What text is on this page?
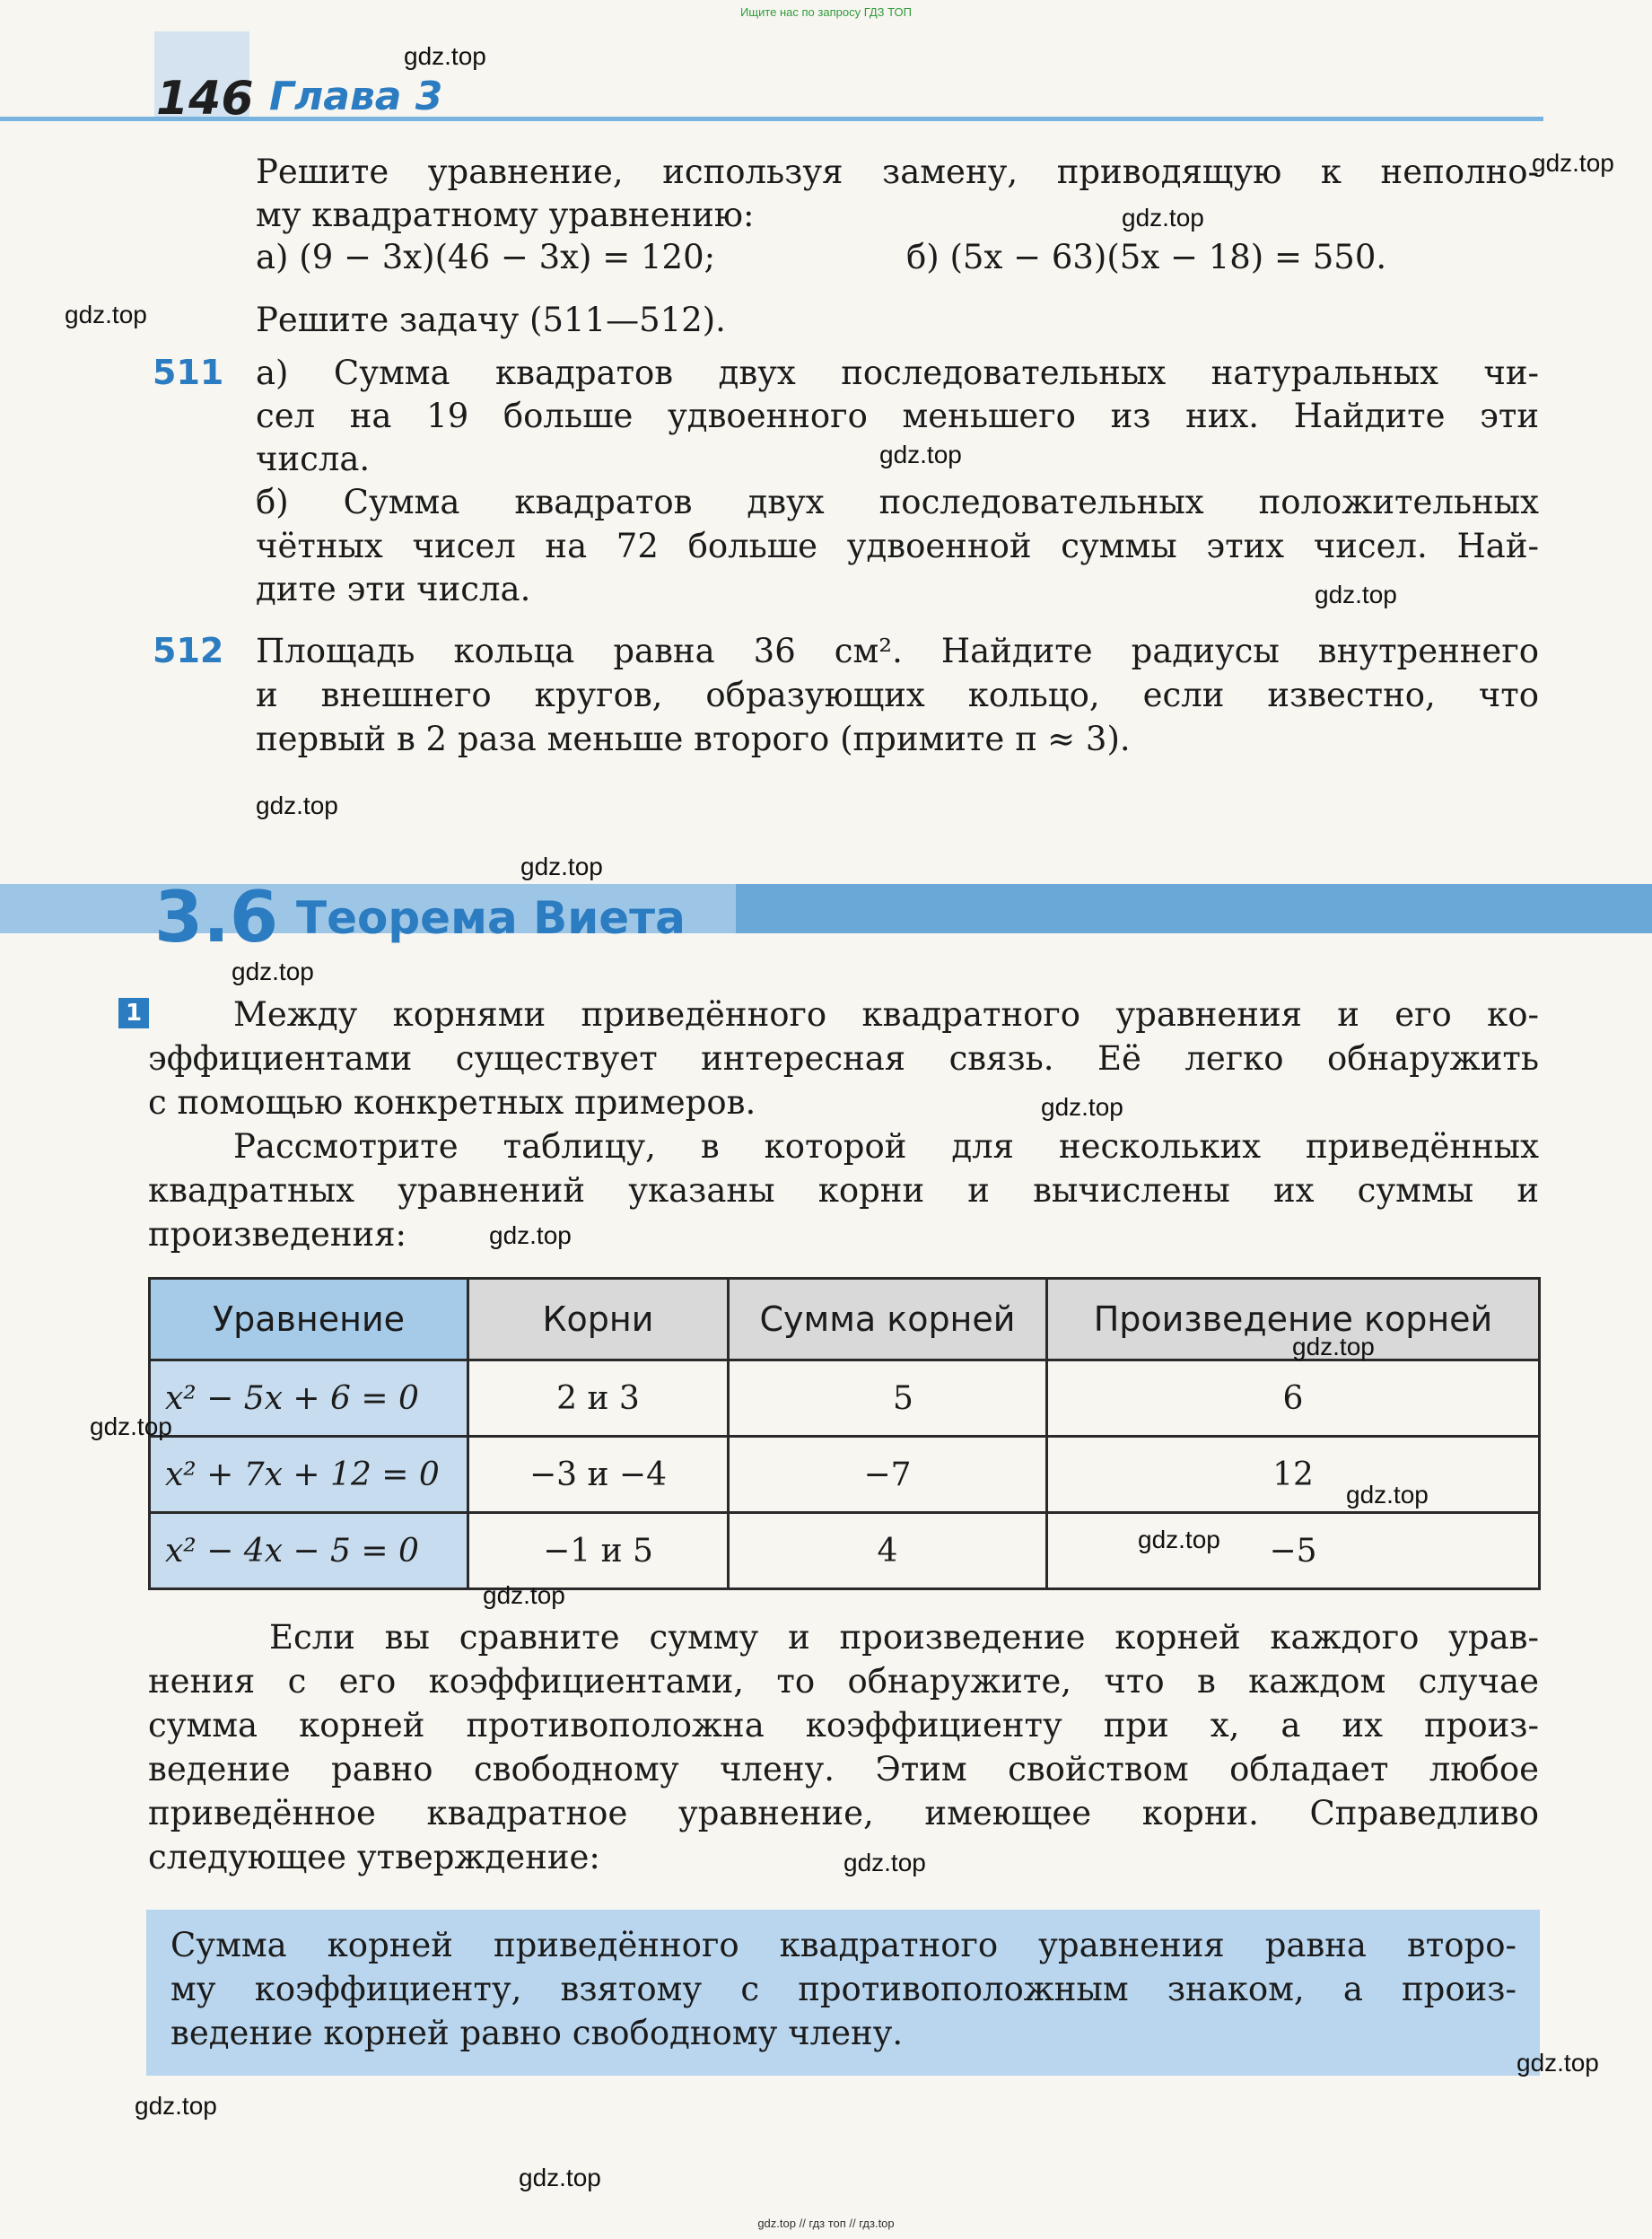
Ищите нас по запросу ГДЗ ТОП
gdz.top // гдз топ // гдз.top
146 Глава 3
Решите уравнение, используя замену, приводящую к неполно-
му квадратному уравнению:
а) (9 − 3x)(46 − 3x) = 120;	б) (5x − 63)(5x − 18) = 550.
Решите задачу (511—512).
511 а) Сумма квадратов двух последовательных натуральных чи-
сел на 19 больше удвоенного меньшего из них. Найдите эти
числа.
б) Сумма квадратов двух последовательных положительных
чётных чисел на 72 больше удвоенной суммы этих чисел. Най-
дите эти числа.
512 Площадь кольца равна 36 см². Найдите радиусы внутреннего
и внешнего кругов, образующих кольцо, если известно, что
первый в 2 раза меньше второго (примите π ≈ 3).
3.6 Теорема Виета
1	Между корнями приведённого квадратного уравнения и его ко-
эффициентами существует интересная связь. Её легко обнаружить
с помощью конкретных примеров.
Рассмотрите таблицу, в которой для нескольких приведённых
квадратных уравнений указаны корни и вычислены их суммы и
произведения:
Уравнение	Корни	Сумма корней	Произведение корней
x² − 5x + 6 = 0	2 и 3	5	6
x² + 7x + 12 = 0	−3 и −4	−7	12
x² − 4x − 5 = 0	−1 и 5	4	−5
Если вы сравните сумму и произведение корней каждого урав-
нения с его коэффициентами, то обнаружите, что в каждом случае
сумма корней противоположна коэффициенту при x, а их произ-
ведение равно свободному члену. Этим свойством обладает любое
приведённое квадратное уравнение, имеющее корни. Справедливо
следующее утверждение:
Сумма корней приведённого квадратного уравнения равна второ-
му коэффициенту, взятому с противоположным знаком, а произ-
ведение корней равно свободному члену.
gdz.top
gdz.top
gdz.top
gdz.top
gdz.top
gdz.top
gdz.top
gdz.top
gdz.top
gdz.top
gdz.top
gdz.top
gdz.top
gdz.top
gdz.top
gdz.top
gdz.top
gdz.top
gdz.top
gdz.top
